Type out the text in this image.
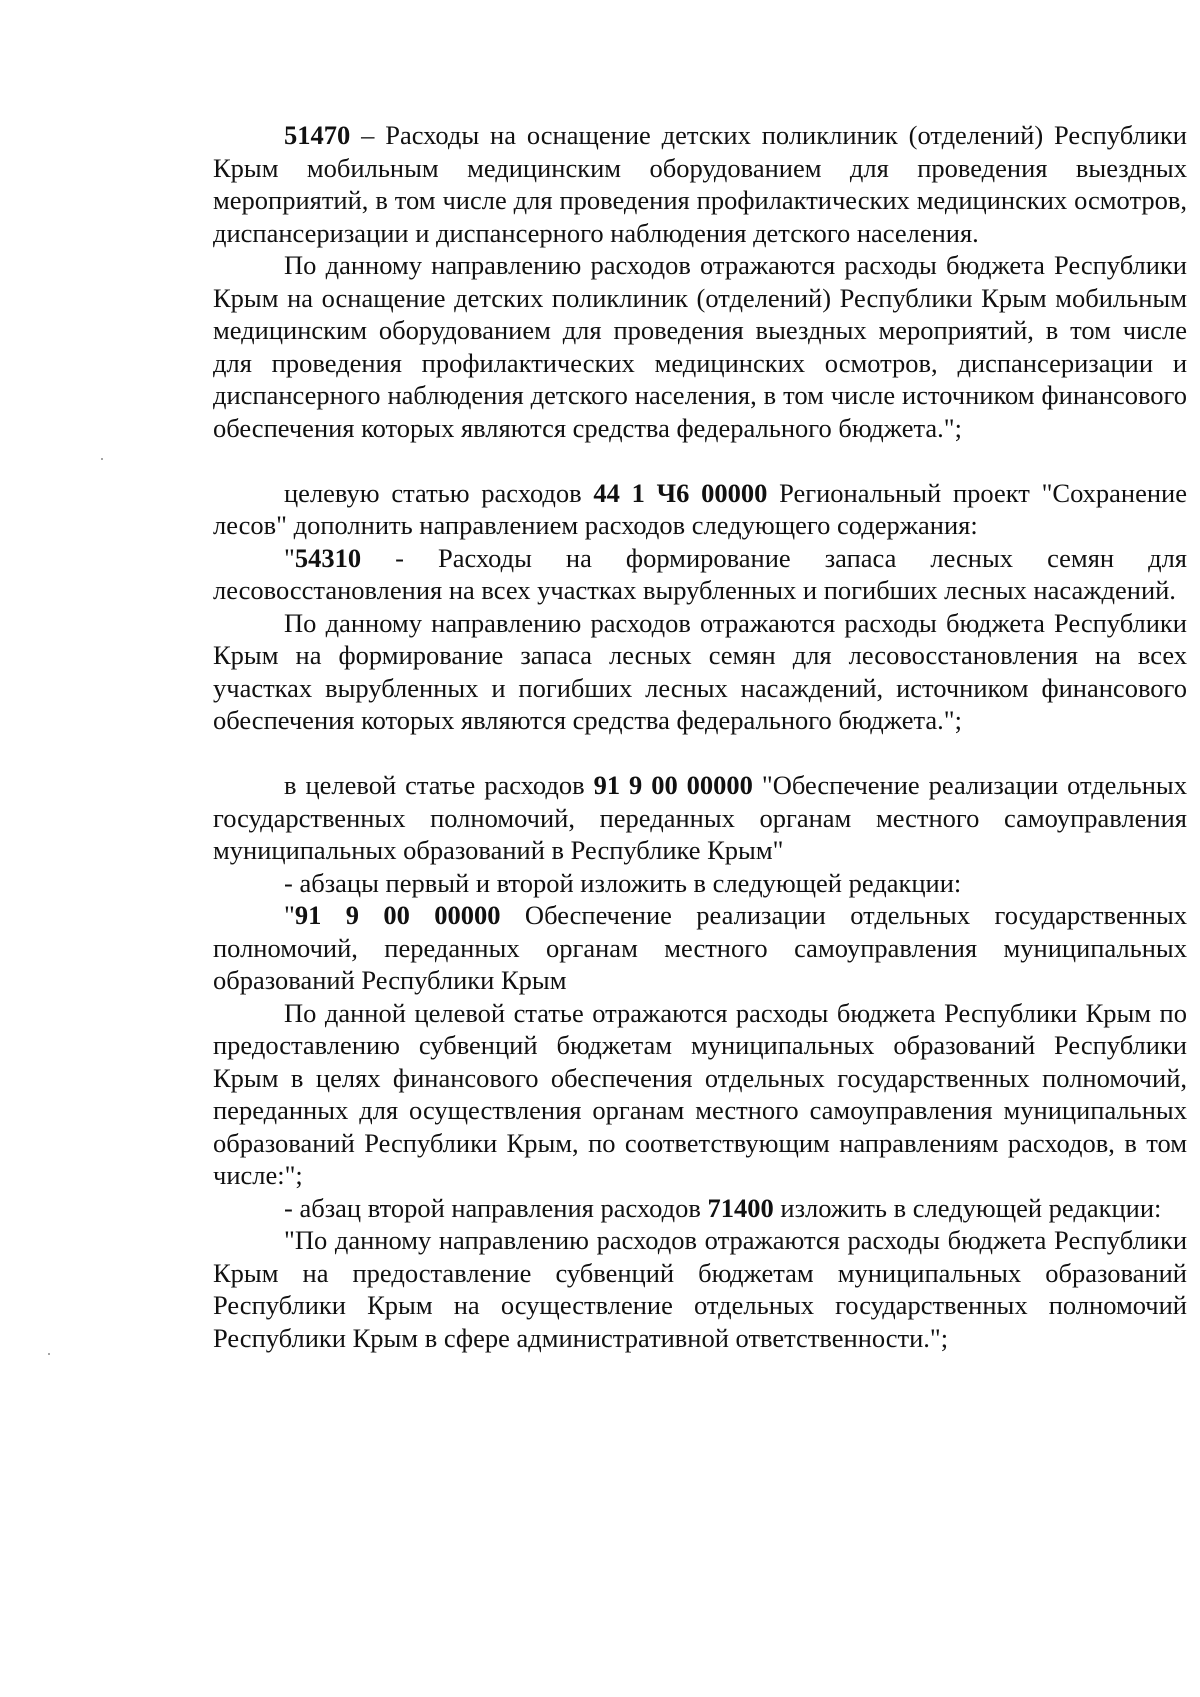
51470 – Расходы на оснащение детских поликлиник (отделений) Республики Крым мобильным медицинским оборудованием для проведения выездных мероприятий, в том числе для проведения профилактических медицинских осмотров, диспансеризации и диспансерного наблюдения детского населения.

По данному направлению расходов отражаются расходы бюджета Республики Крым на оснащение детских поликлиник (отделений) Республики Крым мобильным медицинским оборудованием для проведения выездных мероприятий, в том числе для проведения профилактических медицинских осмотров, диспансеризации и диспансерного наблюдения детского населения, в том числе источником финансового обеспечения которых являются средства федерального бюджета.";

целевую статью расходов 44 1 Ч6 00000 Региональный проект "Сохранение лесов" дополнить направлением расходов следующего содержания:

"54310 - Расходы на формирование запаса лесных семян для лесовосстановления на всех участках вырубленных и погибших лесных насаждений.

По данному направлению расходов отражаются расходы бюджета Республики Крым на формирование запаса лесных семян для лесовосстановления на всех участках вырубленных и погибших лесных насаждений, источником финансового обеспечения которых являются средства федерального бюджета.";

в целевой статье расходов 91 9 00 00000 "Обеспечение реализации отдельных государственных полномочий, переданных органам местного самоуправления муниципальных образований в Республике Крым"

- абзацы первый и второй изложить в следующей редакции:

"91 9 00 00000 Обеспечение реализации отдельных государственных полномочий, переданных органам местного самоуправления муниципальных образований Республики Крым

По данной целевой статье отражаются расходы бюджета Республики Крым по предоставлению субвенций бюджетам муниципальных образований Республики Крым в целях финансового обеспечения отдельных государственных полномочий, переданных для осуществления органам местного самоуправления муниципальных образований Республики Крым, по соответствующим направлениям расходов, в том числе:";

- абзац второй направления расходов 71400 изложить в следующей редакции:

"По данному направлению расходов отражаются расходы бюджета Республики Крым на предоставление субвенций бюджетам муниципальных образований Республики Крым на осуществление отдельных государственных полномочий Республики Крым в сфере административной ответственности.";
